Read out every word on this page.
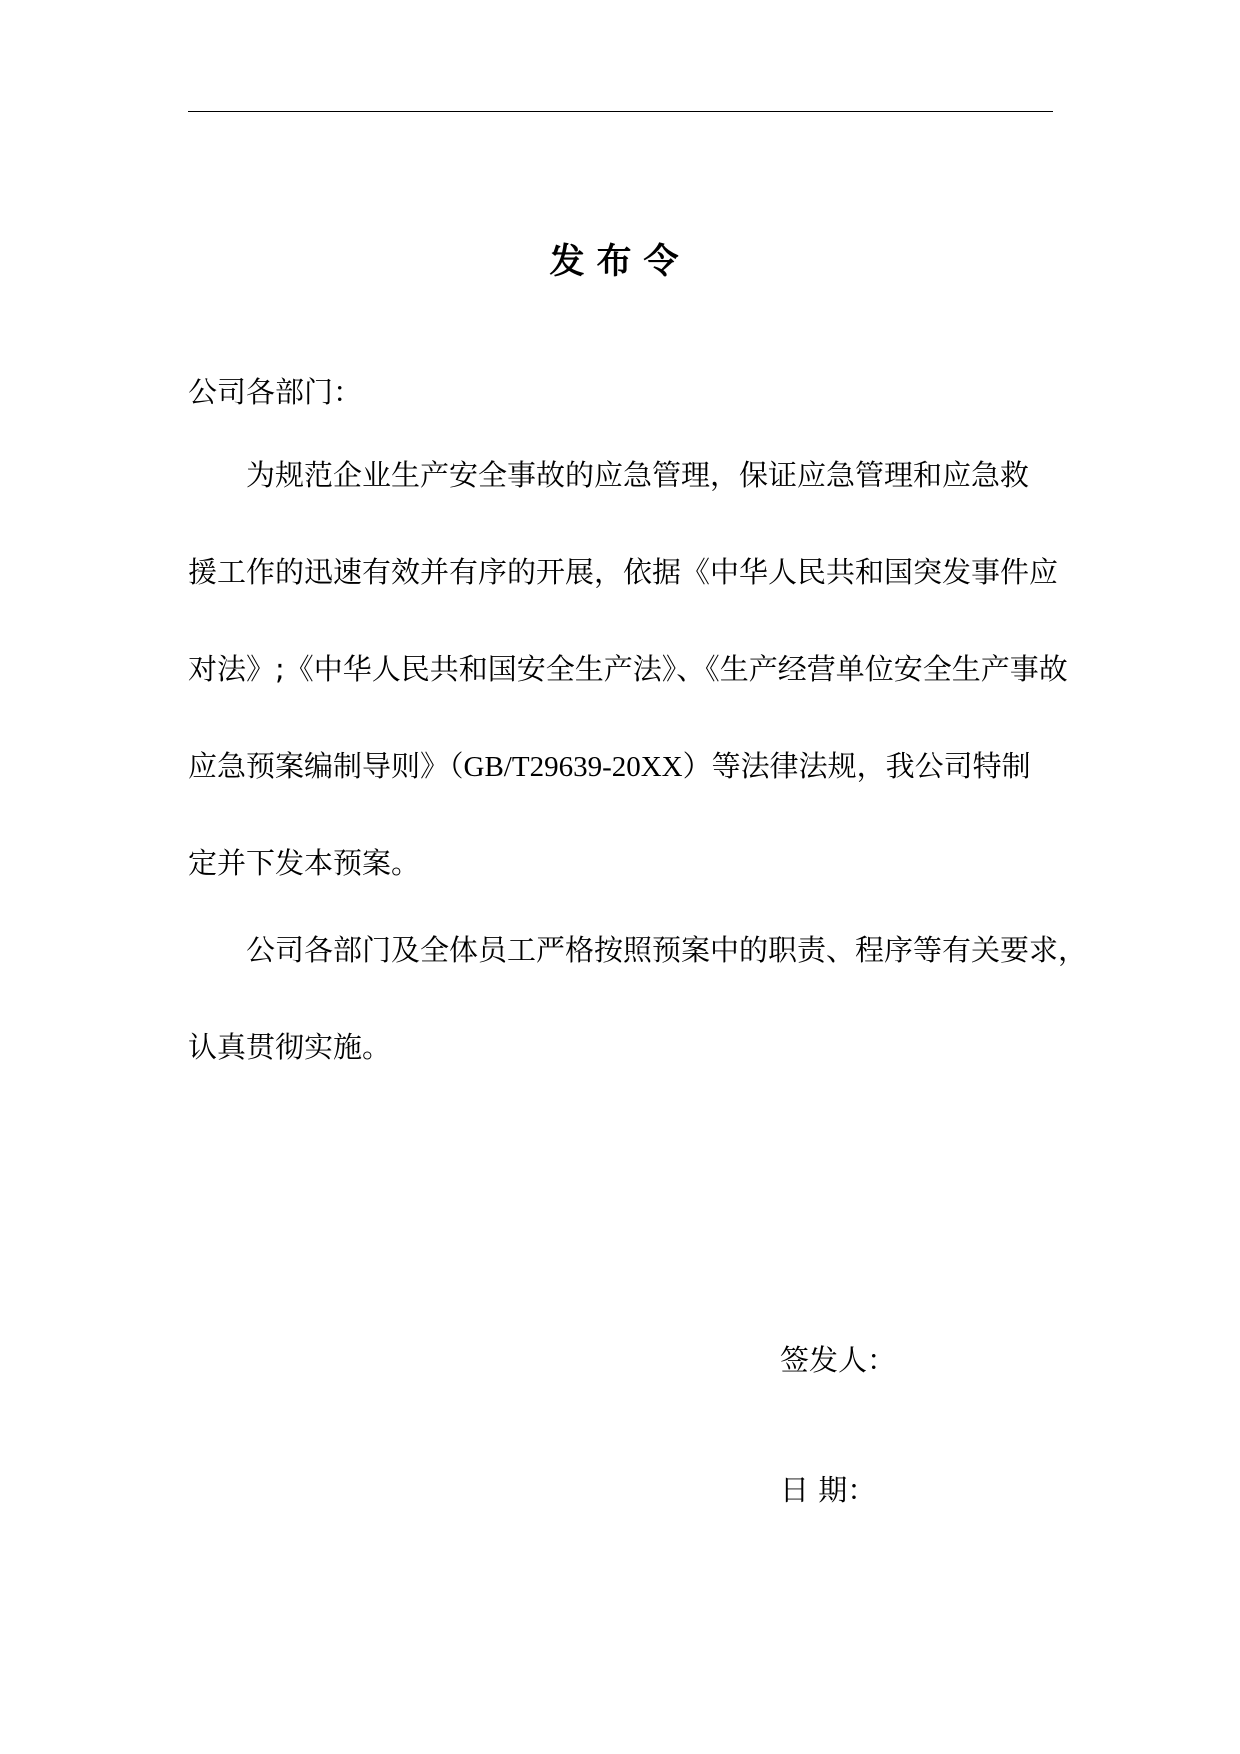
发布令
公司各部门：
为规范企业生产安全事故的应急管理，保证应急管理和应急救
援工作的迅速有效并有序的开展，依据《中华人民共和国突发事件应
对法》;《中华人民共和国安全生产法》、《生产经营单位安全生产事故
应急预案编制导则》（GB/T29639-20XX）等法律法规，我公司特制
定并下发本预案。
公司各部门及全体员工严格按照预案中的职责、程序等有关要求，
认真贯彻实施。
签发人：
日 期：
